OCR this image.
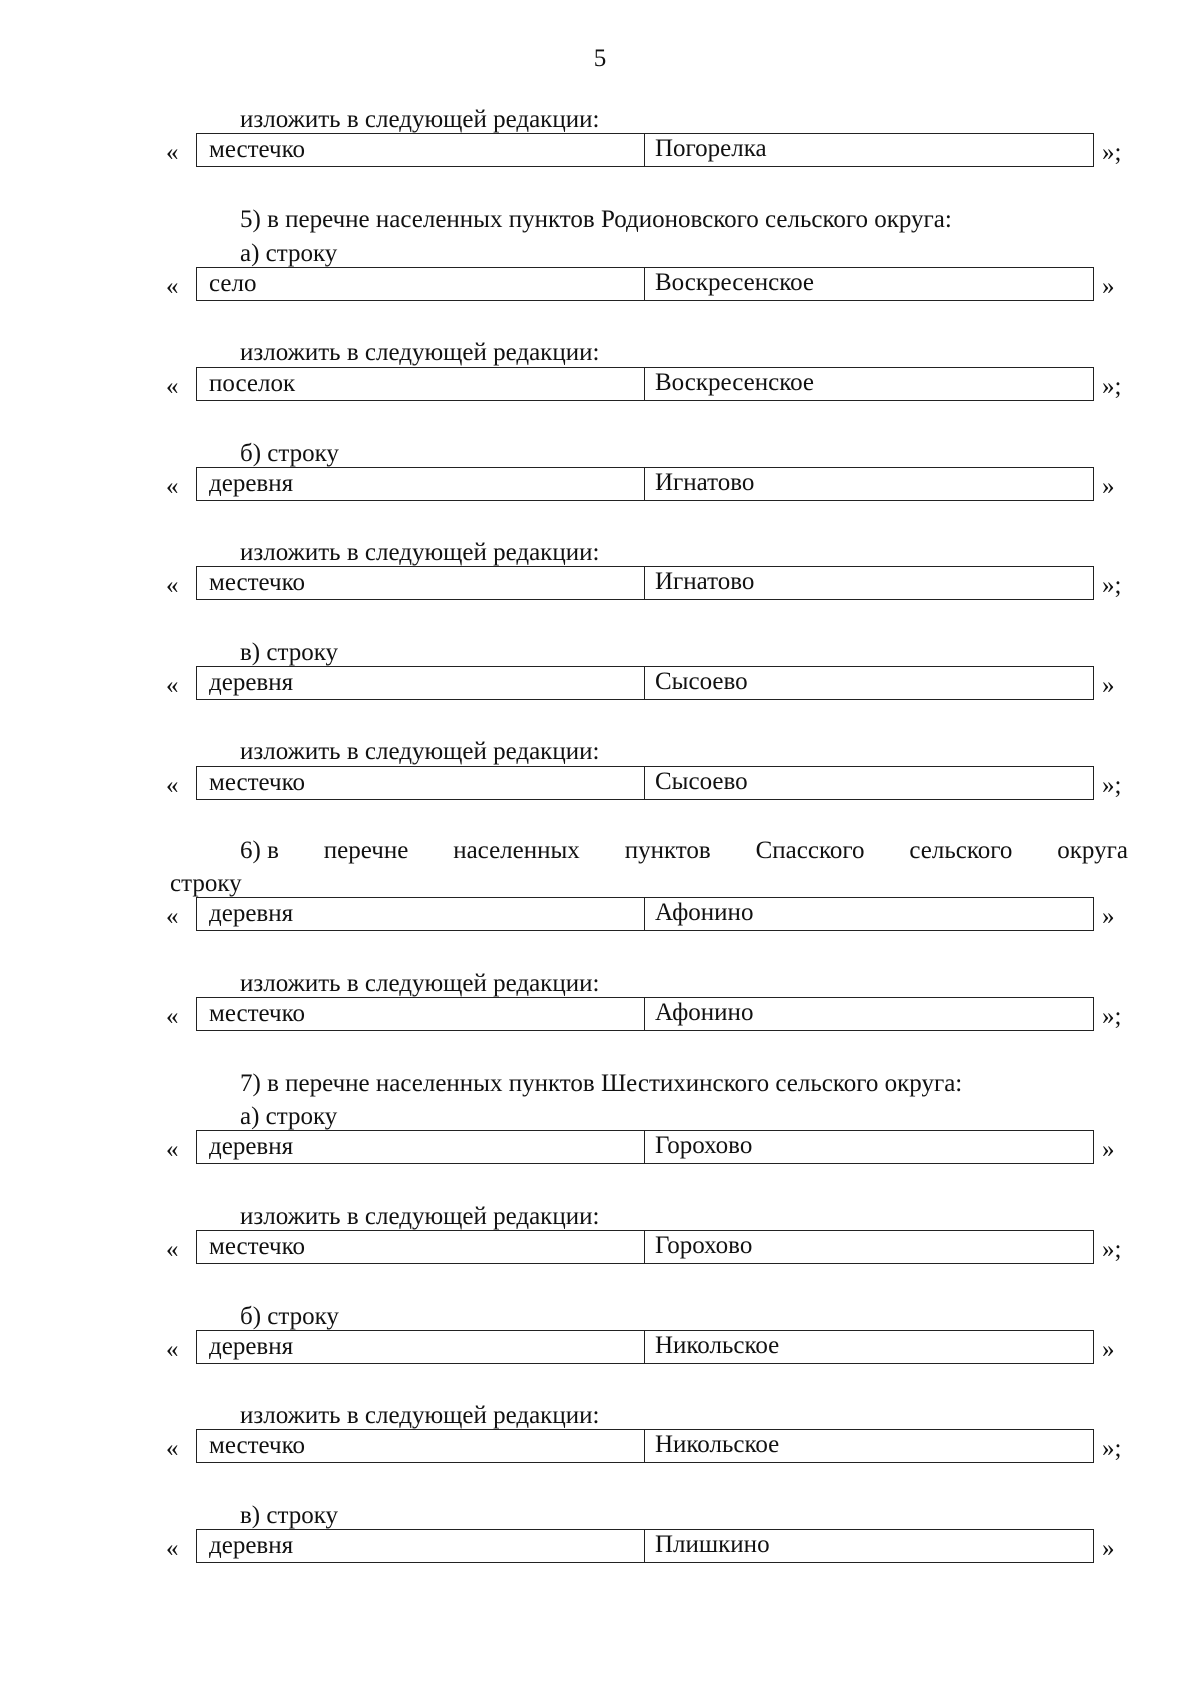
5
изложить в следующей редакции:
« местечко	Погорелка	»;
5) в перечне населенных пунктов Родионовского сельского округа:
а) строку
« село	Воскресенское	»
изложить в следующей редакции:
« поселок	Воскресенское	»;
б) строку
« деревня	Игнатово	»
изложить в следующей редакции:
« местечко	Игнатово	»;
в) строку
« деревня	Сысоево	»
изложить в следующей редакции:
« местечко	Сысоево	»;
6) в перечне населенных пунктов Спасского сельского округа
строку
« деревня	Афонино	»
изложить в следующей редакции:
« местечко	Афонино	»;
7) в перечне населенных пунктов Шестихинского сельского округа:
а) строку
« деревня	Горохово	»
изложить в следующей редакции:
« местечко	Горохово	»;
б) строку
« деревня	Никольское	»
изложить в следующей редакции:
« местечко	Никольское	»;
в) строку
« деревня	Плишкино	»
